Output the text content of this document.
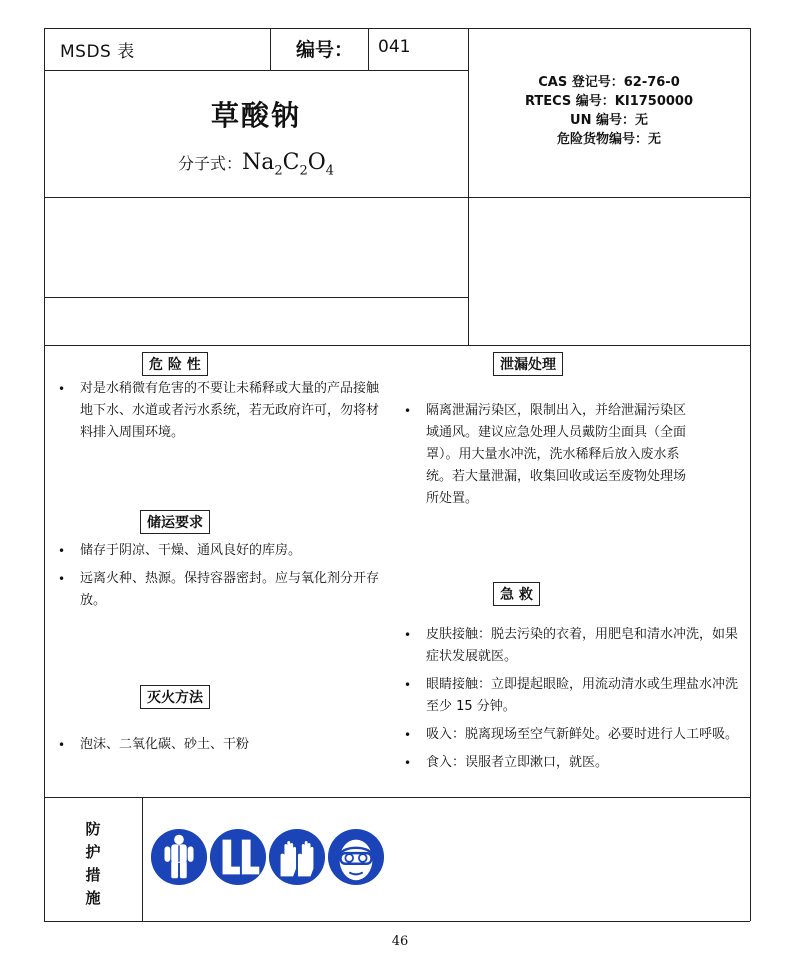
MSDS 表	编号： 041
草酸钠
分子式：$Na_2C_2O_4$
CAS 登记号：62-76-0
RTECS 编号：KI1750000
UN 编号：无
危险货物编号：无
危 险 性
• 对是水稍微有危害的不要让未稀释或大量的产品接触地下水、水道或者污水系统，若无政府许可，勿将材料排入周围环境。
储运要求
• 储存于阴凉、干燥、通风良好的库房。
• 远离火种、热源。保持容器密封。应与氧化剂分开存放。
灭火方法
• 泡沫、二氧化碳、砂土、干粉
泄漏处理
• 隔离泄漏污染区，限制出入，并给泄漏污染区域通风。建议应急处理人员戴防尘面具（全面罩）。用大量水冲洗，洗水稀释后放入废水系统。若大量泄漏，收集回收或运至废物处理场所处置。
急 救
• 皮肤接触：脱去污染的衣着，用肥皂和清水冲洗，如果症状发展就医。
• 眼睛接触：立即提起眼睑，用流动清水或生理盐水冲洗至少 15 分钟。
• 吸入：脱离现场至空气新鲜处。必要时进行人工呼吸。
• 食入：误服者立即漱口，就医。
防
护
措
施
46
